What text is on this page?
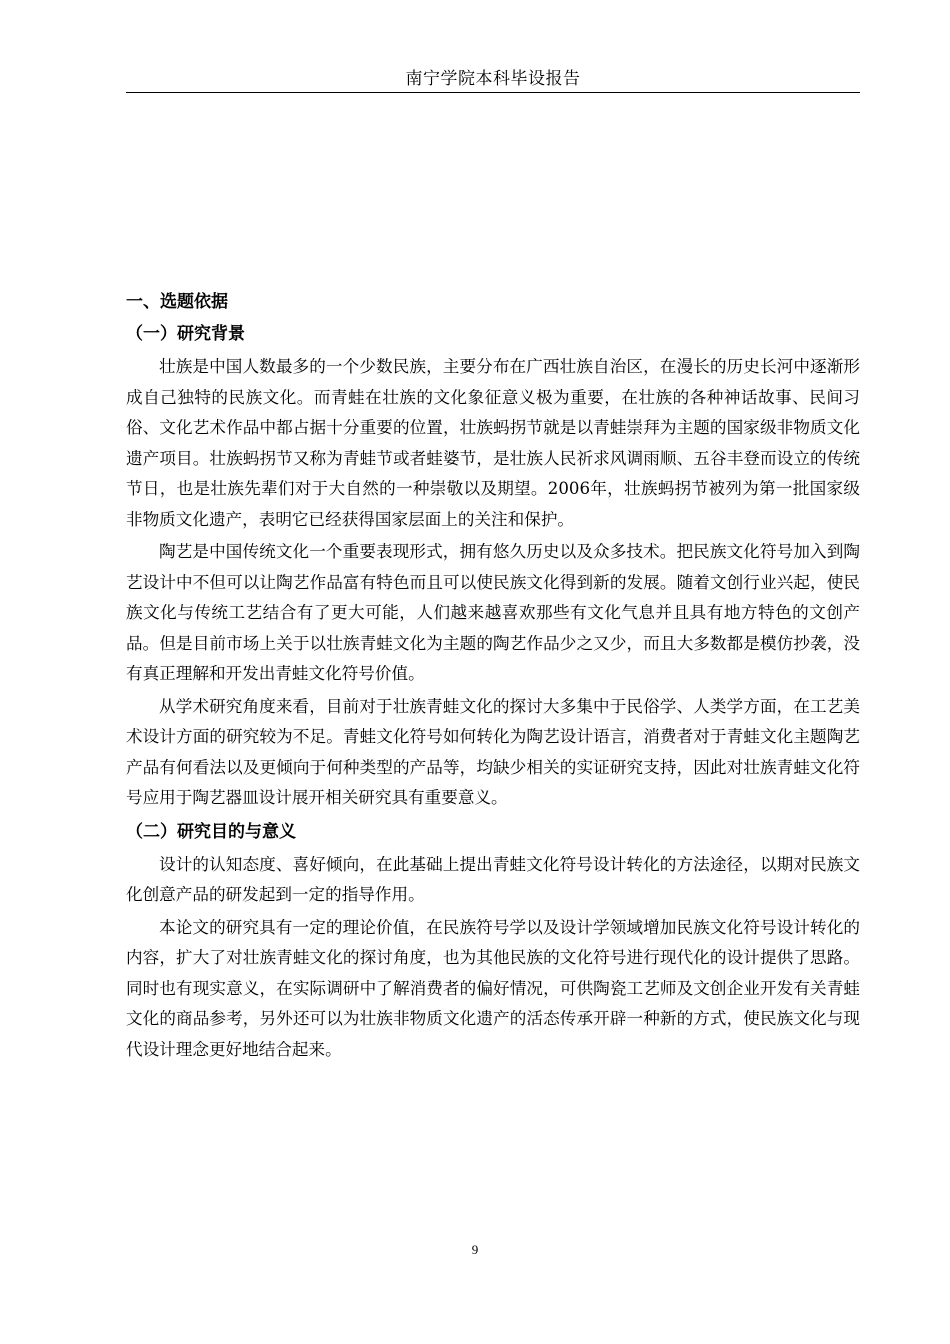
南宁学院本科毕设报告

一、选题依据

（一）研究背景

壮族是中国人数最多的一个少数民族，主要分布在广西壮族自治区，在漫长的历史长河中逐渐形成自己独特的民族文化。而青蛙在壮族的文化象征意义极为重要，在壮族的各种神话故事、民间习俗、文化艺术作品中都占据十分重要的位置，壮族蚂拐节就是以青蛙崇拜为主题的国家级非物质文化遗产项目。壮族蚂拐节又称为青蛙节或者蛙婆节，是壮族人民祈求风调雨顺、五谷丰登而设立的传统节日，也是壮族先辈们对于大自然的一种崇敬以及期望。2006年，壮族蚂拐节被列为第一批国家级非物质文化遗产，表明它已经获得国家层面上的关注和保护。

陶艺是中国传统文化一个重要表现形式，拥有悠久历史以及众多技术。把民族文化符号加入到陶艺设计中不但可以让陶艺作品富有特色而且可以使民族文化得到新的发展。随着文创行业兴起，使民族文化与传统工艺结合有了更大可能，人们越来越喜欢那些有文化气息并且具有地方特色的文创产品。但是目前市场上关于以壮族青蛙文化为主题的陶艺作品少之又少，而且大多数都是模仿抄袭，没有真正理解和开发出青蛙文化符号价值。

从学术研究角度来看，目前对于壮族青蛙文化的探讨大多集中于民俗学、人类学方面，在工艺美术设计方面的研究较为不足。青蛙文化符号如何转化为陶艺设计语言，消费者对于青蛙文化主题陶艺产品有何看法以及更倾向于何种类型的产品等，均缺少相关的实证研究支持，因此对壮族青蛙文化符号应用于陶艺器皿设计展开相关研究具有重要意义。

（二）研究目的与意义

设计的认知态度、喜好倾向，在此基础上提出青蛙文化符号设计转化的方法途径，以期对民族文化创意产品的研发起到一定的指导作用。

本论文的研究具有一定的理论价值，在民族符号学以及设计学领域增加民族文化符号设计转化的内容，扩大了对壮族青蛙文化的探讨角度，也为其他民族的文化符号进行现代化的设计提供了思路。同时也有现实意义，在实际调研中了解消费者的偏好情况，可供陶瓷工艺师及文创企业开发有关青蛙文化的商品参考，另外还可以为壮族非物质文化遗产的活态传承开辟一种新的方式，使民族文化与现代设计理念更好地结合起来。

9
